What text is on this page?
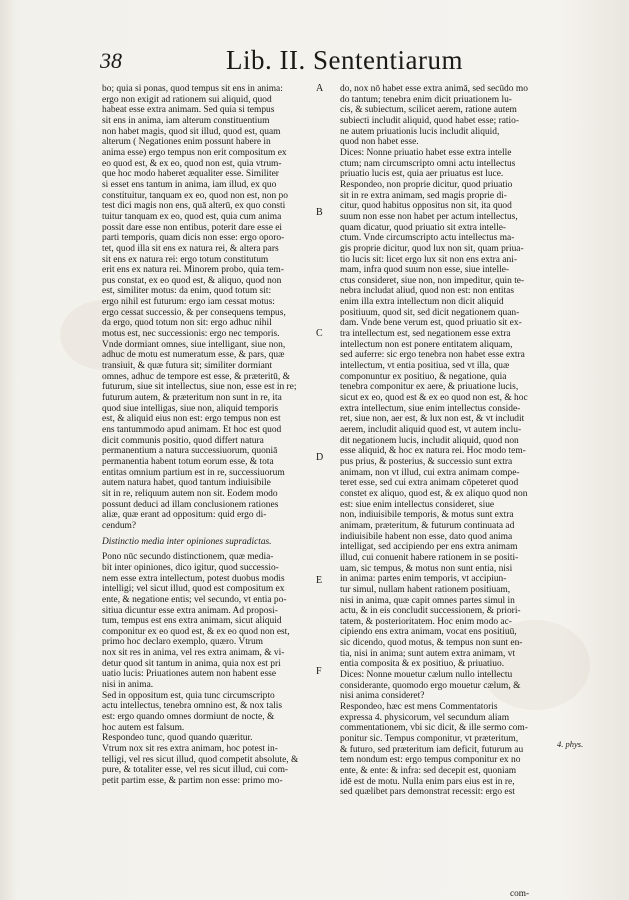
38	Lib. II. Sententiarum
bo; quia si ponas, quod tempus sit ens in anima:
ergo non exigit ad rationem sui aliquid, quod
habeat esse extra animam. Sed quia si tempus
sit ens in anima, iam alterum constituentium
non habet magis, quod sit illud, quod est, quam
alterum ( Negationes enim possunt habere in
anima esse) ergo tempus non erit compositum ex
eo quod est, & ex eo, quod non est, quia vtrum-
que hoc modo haberet æqualiter esse. Similiter
si esset ens tantum in anima, iam illud, ex quo
constituitur, tanquam ex eo, quod non est, non po
test dici magis non ens, quā alterū, ex quo consti
tuitur tanquam ex eo, quod est, quia cum anima
possit dare esse non entibus, poterit dare esse ei
parti temporis, quam dicis non esse: ergo oporo-
tet, quod illa sit ens ex natura rei, & altera pars
sit ens ex natura rei: ergo totum constitutum
erit ens ex natura rei. Minorem probo, quia tem-
pus constat, ex eo quod est, & aliquo, quod non
est, similiter motus: da enim, quod totum sit:
ergo nihil est futurum: ergo iam cessat motus:
ergo cessat successio, & per consequens tempus,
da ergo, quod totum non sit: ergo adhuc nihil
motus est, nec successionis: ergo nec temporis.
Vnde dormiant omnes, siue intelligant, siue non,
adhuc de motu est numeratum esse, & pars, quæ
transiuit, & quæ futura sit; similiter dormiant
omnes, adhuc de tempore est esse, & præteritū, &
futurum, siue sit intellectus, siue non, esse est in re;
futurum autem, & præteritum non sunt in re, ita
quod siue intelligas, siue non, aliquid temporis
est, & aliquid eius non est: ergo tempus non est
ens tantummodo apud animam. Et hoc est quod
dicit communis positio, quod differt natura
permanentium a natura successiuorum, quoniā
permanentia habent totum eorum esse, & tota
entitas omnium partium est in re, successiuorum
autem natura habet, quod tantum indiuisibile
sit in re, reliquum autem non sit. Eodem modo
possunt deduci ad illam conclusionem rationes
aliæ, quæ erant ad oppositum: quid ergo di-
cendum?
Distinctio media inter opiniones supradictas.
Pono nūc secundo distinctionem, quæ media-
bit inter opiniones, dico igitur, quod successio-
nem esse extra intellectum, potest duobus modis
intelligi; vel sicut illud, quod est compositum ex
ente, & negatione entis; vel secundo, vt entia po-
sitiua dicuntur esse extra animam. Ad proposi-
tum, tempus est ens extra animam, sicut aliquid
componitur ex eo quod est, & ex eo quod non est,
primo hoc declaro exemplo, quæro. Vtrum
nox sit res in anima, vel res extra animam, & vi-
detur quod sit tantum in anima, quia nox est pri
uatio lucis: Priuationes autem non habent esse
nisi in anima.
Sed in oppositum est, quia tunc circumscripto
actu intellectus, tenebra omnino est, & nox talis
est: ergo quando omnes dormiunt de nocte, &
hoc autem est falsum.
Respondeo tunc, quod quando quæritur.
Vtrum nox sit res extra animam, hoc potest in-
telligi, vel res sicut illud, quod competit absolute, &
pure, & totaliter esse, vel res sicut illud, cui com-
petit partim esse, & partim non esse: primo mo-
A
B
C
D
E
F
do, nox nō habet esse extra animā, sed secūdo mo
do tantum; tenebra enim dicit priuationem lu-
cis, & subiectum, scilicet aerem, ratione autem
subiecti includit aliquid, quod habet esse; ratio-
ne autem priuationis lucis includit aliquid,
quod non habet esse.
Dices: Nonne priuatio habet esse extra intelle
ctum; nam circumscripto omni actu intellectus
priuatio lucis est, quia aer priuatus est luce.
Respondeo, non proprie dicitur, quod priuatio
sit in re extra animam, sed magis proprie di-
citur, quod habitus oppositus non sit, ita quod
suum non esse non habet per actum intellectus,
quam dicatur, quod priuatio sit extra intelle-
ctum. Vnde circumscripto actu intellectus ma-
gis proprie dicitur, quod lux non sit, quam priua-
tio lucis sit: licet ergo lux sit non ens extra ani-
mam, infra quod suum non esse, siue intelle-
ctus consideret, siue non, non impeditur, quin te-
nebra includat aliud, quod non est: non entitas
enim illa extra intellectum non dicit aliquid
positiuum, quod sit, sed dicit negationem quan-
dam. Vnde bene verum est, quod priuatio sit ex-
tra intellectum est, sed negationem esse extra
intellectum non est ponere entitatem aliquam,
sed auferre: sic ergo tenebra non habet esse extra
intellectum, vt entia positiua, sed vt illa, quæ
componuntur ex positiuo, & negatione, quia
tenebra componitur ex aere, & priuatione lucis,
sicut ex eo, quod est & ex eo quod non est, & hoc
extra intellectum, siue enim intellectus conside-
ret, siue non, aer est, & lux non est, & vt includit
aerem, includit aliquid quod est, vt autem inclu-
dit negationem lucis, includit aliquid, quod non
esse aliquid, & hoc ex natura rei. Hoc modo tem-
pus prius, & posterius, & successio sunt extra
animam, non vt illud, cui extra animam compe-
teret esse, sed cui extra animam cōpeteret quod
constet ex aliquo, quod est, & ex aliquo quod non
est: siue enim intellectus consideret, siue
non, indiuisibile temporis, & motus sunt extra
animam, præteritum, & futurum continuata ad
indiuisibile habent non esse, dato quod anima
intelligat, sed accipiendo per ens extra animam
illud, cui conuenit habere rationem in se positi-
uam, sic tempus, & motus non sunt entia, nisi
in anima: partes enim temporis, vt accipiun-
tur simul, nullam habent rationem positiuam,
nisi in anima, quæ capit omnes partes simul in
actu, & in eis concludit successionem, & priori-
tatem, & posterioritatem. Hoc enim modo ac-
cipiendo ens extra animam, vocat ens positiuū,
sic dicendo, quod motus, & tempus non sunt en-
tia, nisi in anima; sunt autem extra animam, vt
entia composita & ex positiuo, & priuatiuo.
Dices: Nonne mouetur cælum nullo intellectu
considerante, quomodo ergo mouetur cælum, &
nisi anima consideret?
Respondeo, hæc est mens Commentatoris
expressa 4. physicorum, vel secundum aliam
commentationem, vbi sic dicit, & ille sermo com-
ponitur sic. Tempus componitur, vt præteritum,
& futuro, sed præteritum iam deficit, futurum au
tem nondum est: ergo tempus componitur ex no
ente, & ente: & infra: sed decepit est, quoniam
idē est de motu. Nulla enim pars eius est in re,
sed quælibet pars demonstrat recessit: ergo est
4. phys.
com-
